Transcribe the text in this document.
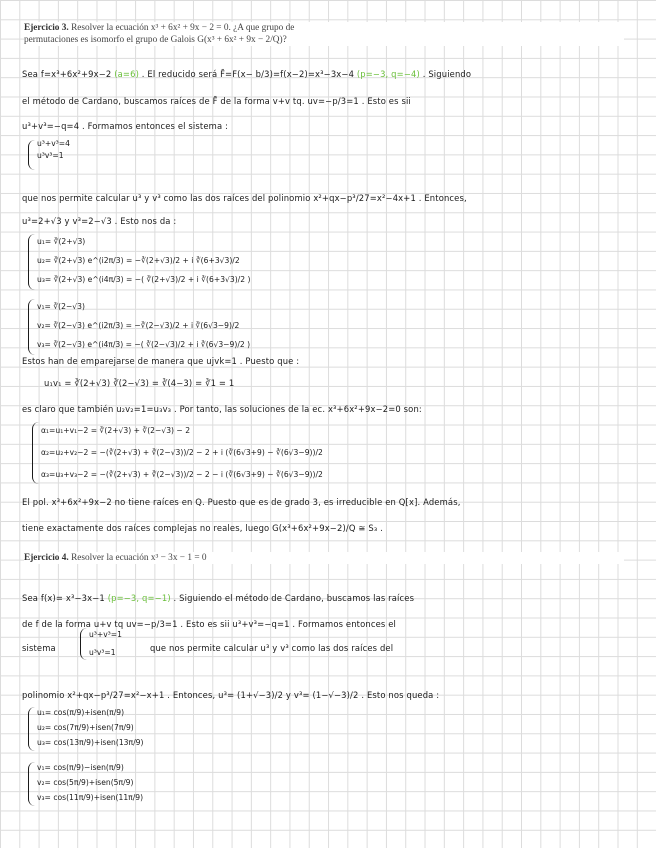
Ejercicio 3. Resolver la ecuación x³ + 6x² + 9x − 2 = 0. ¿A que grupo de
permutaciones es isomorfo el grupo de Galois G(x³ + 6x² + 9x − 2/Q)?
Sea f=x³+6x²+9x−2 (a=6) . El reducido será F̄=F(x− b/3)=f(x−2)=x³−3x−4 (p=−3, q=−4) . Siguiendo
el método de Cardano, buscamos raíces de F̄ de la forma v+v tq. uv=−p/3=1 . Esto es sii
u³+v³=−q=4 . Formamos entonces el sistema :
u³+v³=4
u³v³=1
que nos permite calcular u³ y v³ como las dos raíces del polinomio x²+qx−p³/27=x²−4x+1 . Entonces,
u³=2+√3 y v³=2−√3 . Esto nos da :
u₁= ∛(2+√3)
u₂= ∛(2+√3) e^(i2π/3) = −∛(2+√3)/2 + i ∛(6+3√3)/2
u₃= ∛(2+√3) e^(i4π/3) = −( ∛(2+√3)/2 + i ∛(6+3√3)/2 )
v₁= ∛(2−√3)
v₂= ∛(2−√3) e^(i2π/3) = −∛(2−√3)/2 + i ∛(6√3−9)/2
v₃= ∛(2−√3) e^(i4π/3) = −( ∛(2−√3)/2 + i ∛(6√3−9)/2 )
Estos han de emparejarse de manera que ujvk=1 . Puesto que :
u₁v₁ = ∛(2+√3) ∛(2−√3) = ∛(4−3) = ∛1 = 1
es claro que también u₂v₂=1=u₃v₃ . Por tanto, las soluciones de la ec. x³+6x²+9x−2=0 son:
α₁=u₁+v₁−2 = ∛(2+√3) + ∛(2−√3) − 2
α₂=u₂+v₂−2 = −(∛(2+√3) + ∛(2−√3))/2 − 2 + i (∛(6√3+9) − ∛(6√3−9))/2
α₃=u₃+v₃−2 = −(∛(2+√3) + ∛(2−√3))/2 − 2 − i (∛(6√3+9) − ∛(6√3−9))/2
El pol. x³+6x²+9x−2 no tiene raíces en Q. Puesto que es de grado 3, es irreducible en Q[x]. Además,
tiene exactamente dos raíces complejas no reales, luego G(x³+6x²+9x−2)/Q ≅ S₃ .
Ejercicio 4. Resolver la ecuación x³ − 3x − 1 = 0
Sea f(x)= x³−3x−1 (p=−3, q=−1) . Siguiendo el método de Cardano, buscamos las raíces
de f de la forma u+v tq uv=−p/3=1 . Esto es sii u³+v³=−q=1 . Formamos entonces el
sistema
u³+v³=1
u³v³=1	que nos permite calcular u³ y v³ como las dos raíces del
polinomio x²+qx−p³/27=x²−x+1 . Entonces, u³= (1+√−3)/2 y v³= (1−√−3)/2 . Esto nos queda :
u₁= cos(π/9)+isen(π/9)
u₂= cos(7π/9)+isen(7π/9)
u₃= cos(13π/9)+isen(13π/9)
v₁= cos(π/9)−isen(π/9)
v₂= cos(5π/9)+isen(5π/9)
v₃= cos(11π/9)+isen(11π/9)
